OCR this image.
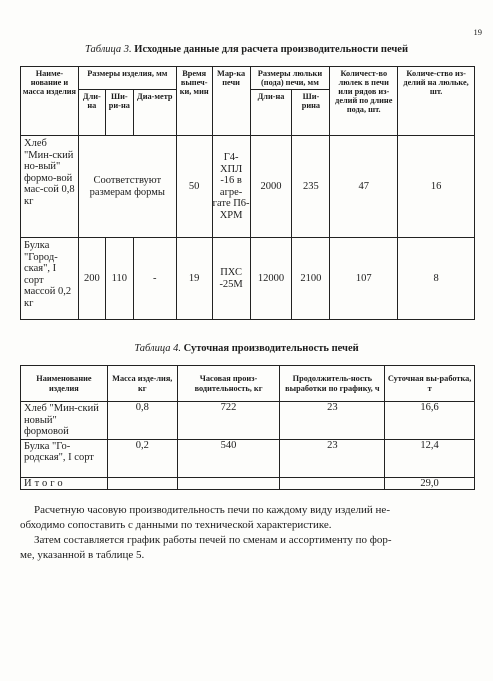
19
Таблица 3. Исходные данные для расчета производительности печей
Наиме-нование и масса изделия	Размеры изделия, мм			Время выпеч-ки, мин	Мар-ка печи	Размеры люльки (пода) печи, мм		Количест-во люлек в печи или рядов из-делий по длине пода, шт.	Количе-ство из-делий на люльке, шт.
	Дли-на	Ши-ри-на	Диа-метр			Дли-на	Ши-рина		
Хлеб "Мин-ский но-вый" формо-вой мас-сой 0,8 кг	Соответствуют размерам формы			50	Г4-ХПЛ -16 в агре-гате П6-ХРМ	2000	235	47	16
Булка "Город-ская", I сорт массой 0,2 кг	200	110	-	19	ПХС -25М	12000	2100	107	8
Таблица 4. Суточная производительность печей
Наименование изделия	Масса изде-лия, кг	Часовая произ-водительность, кг	Продолжитель-ность выработки по графику, ч	Суточная вы-работка, т
Хлеб "Мин-ский новый" формовой	0,8	722	23	16,6
Булка "Го-родская", I сорт	0,2	540	23	12,4
Итого				29,0
Расчетную часовую производительность печи по каждому виду изделий не-
обходимо сопоставить с данными по технической характеристике.
Затем составляется график работы печей по сменам и ассортименту по фор-
ме, указанной в таблице 5.
